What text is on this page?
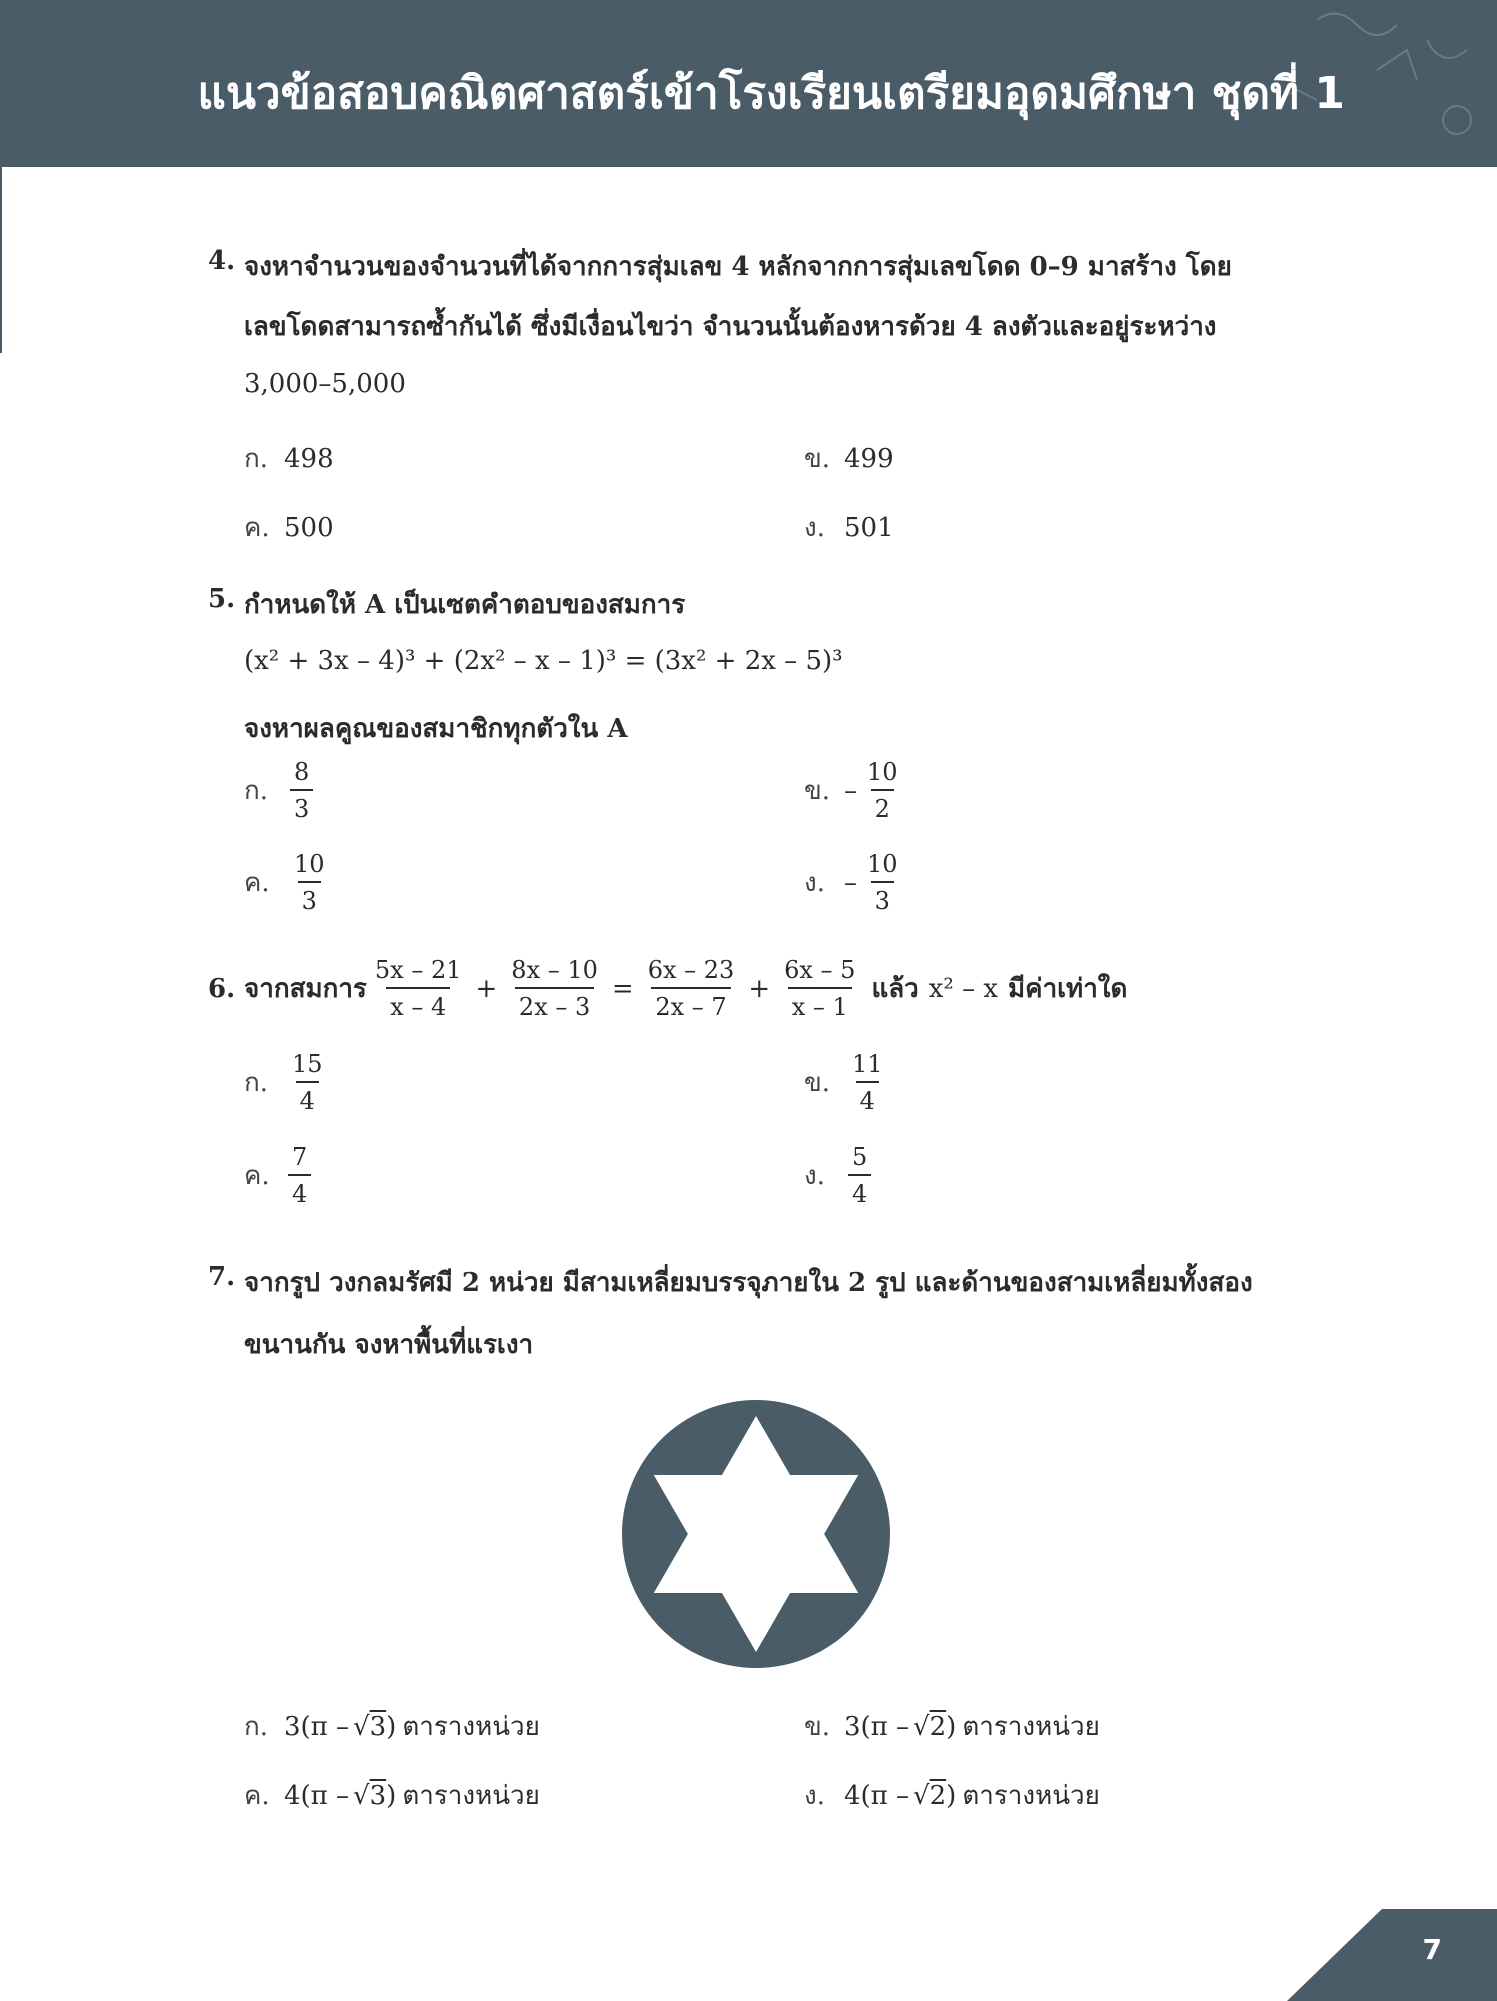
แนวข้อสอบคณิตศาสตร์เข้าโรงเรียนเตรียมอุดมศึกษา ชุดที่ 1
4. จงหาจำนวนของจำนวนที่ได้จากการสุ่มเลข 4 หลักจากการสุ่มเลขโดด 0–9 มาสร้าง โดย
เลขโดดสามารถซ้ำกันได้ ซึ่งมีเงื่อนไขว่า จำนวนนั้นต้องหารด้วย 4 ลงตัวและอยู่ระหว่าง
3,000–5,000
ก. 498	ข. 499
ค. 500	ง. 501
5. กำหนดให้ A เป็นเซตคำตอบของสมการ
(x² + 3x – 4)³ + (2x² – x – 1)³ = (3x² + 2x – 5)³
จงหาผลคูณของสมาชิกทุกตัวใน A
ก. $\frac{8}{3}$	ข. – $\frac{10}{2}$
ค. $\frac{10}{3}$	ง. – $\frac{10}{3}$
6. จากสมการ $\frac{5x - 21}{x - 4} + \frac{8x - 10}{2x - 3} = \frac{6x - 23}{2x - 7} + \frac{6x - 5}{x - 1}$ แล้ว x² – x มีค่าเท่าใด
ก. $\frac{15}{4}$	ข. $\frac{11}{4}$
ค. $\frac{7}{4}$	ง. $\frac{5}{4}$
7. จากรูป วงกลมรัศมี 2 หน่วย มีสามเหลี่ยมบรรจุภายใน 2 รูป และด้านของสามเหลี่ยมทั้งสอง
ขนานกัน จงหาพื้นที่แรเงา
ก. 3(π – √ 3 ) ตารางหน่วย	ข. 3(π – √ 2 ) ตารางหน่วย
ค. 4(π – √ 3 ) ตารางหน่วย	ง. 4(π – √ 2 ) ตารางหน่วย
7
